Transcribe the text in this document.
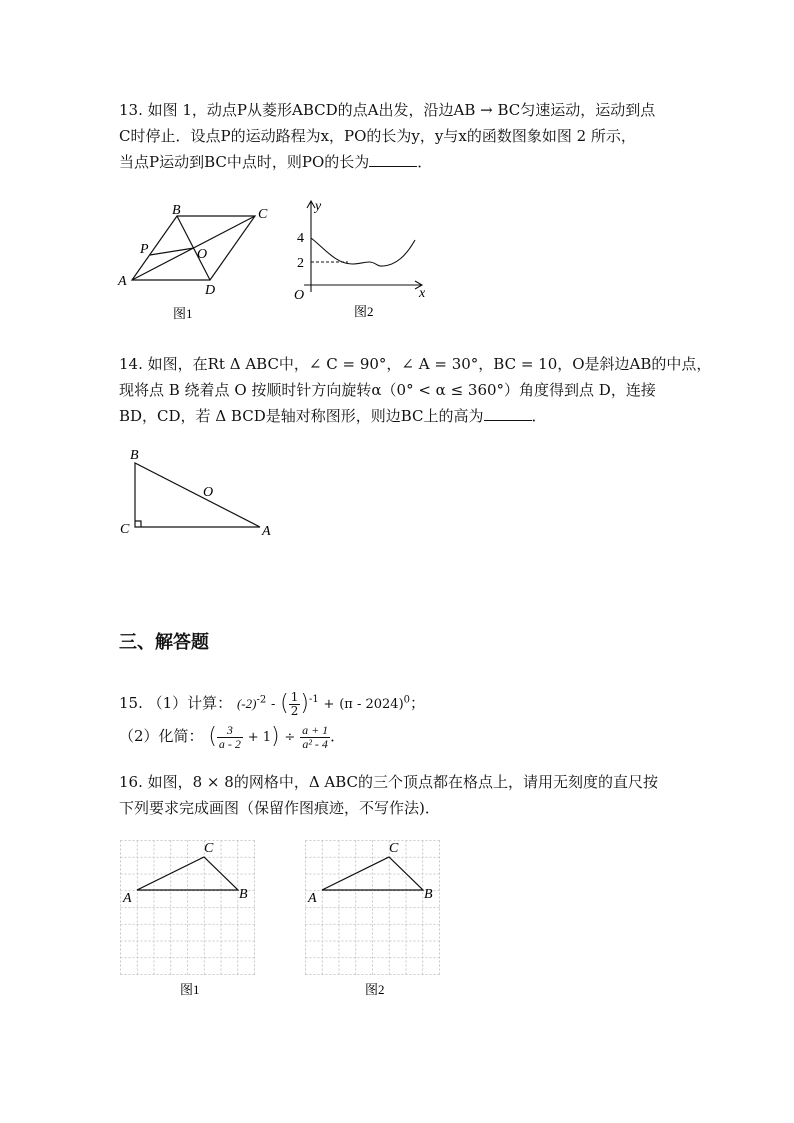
13. 如图 1，动点P从菱形ABCD的点A出发，沿边AB → BC匀速运动，运动到点
C时停止．设点P的运动路程为x，PO的长为y，y与x的函数图象如图 2 所示，
当点P运动到BC中点时，则PO的长为	．
A
B	C
D
O
P
图1
y
x
O
4
2
图2
14. 如图，在Rt Δ ABC中，∠ C = 90°，∠ A = 30°，BC = 10，O是斜边AB的中点，
现将点 B 绕着点 O 按顺时针方向旋转α（0° < α ≤ 360°）角度得到点 D，连接
BD，CD，若 Δ BCD是轴对称图形，则边BC上的高为	．
B
C	A
O
三、解答题
15. （1）计算： $(-2)^{-2}$ - ( $\frac{1}{2} )^{-1} + (\pi - 2024)^0$；
（2）化简： ( $\frac{3}{a - 2} + 1) \div \frac{a + 1}{\text{a² - 4}}$ ．
16. 如图，8 × 8的网格中，Δ ABC的三个顶点都在格点上，请用无刻度的直尺按
下列要求完成画图（保留作图痕迹，不写作法)．
A	B
C
图1
A	B
C
图2
